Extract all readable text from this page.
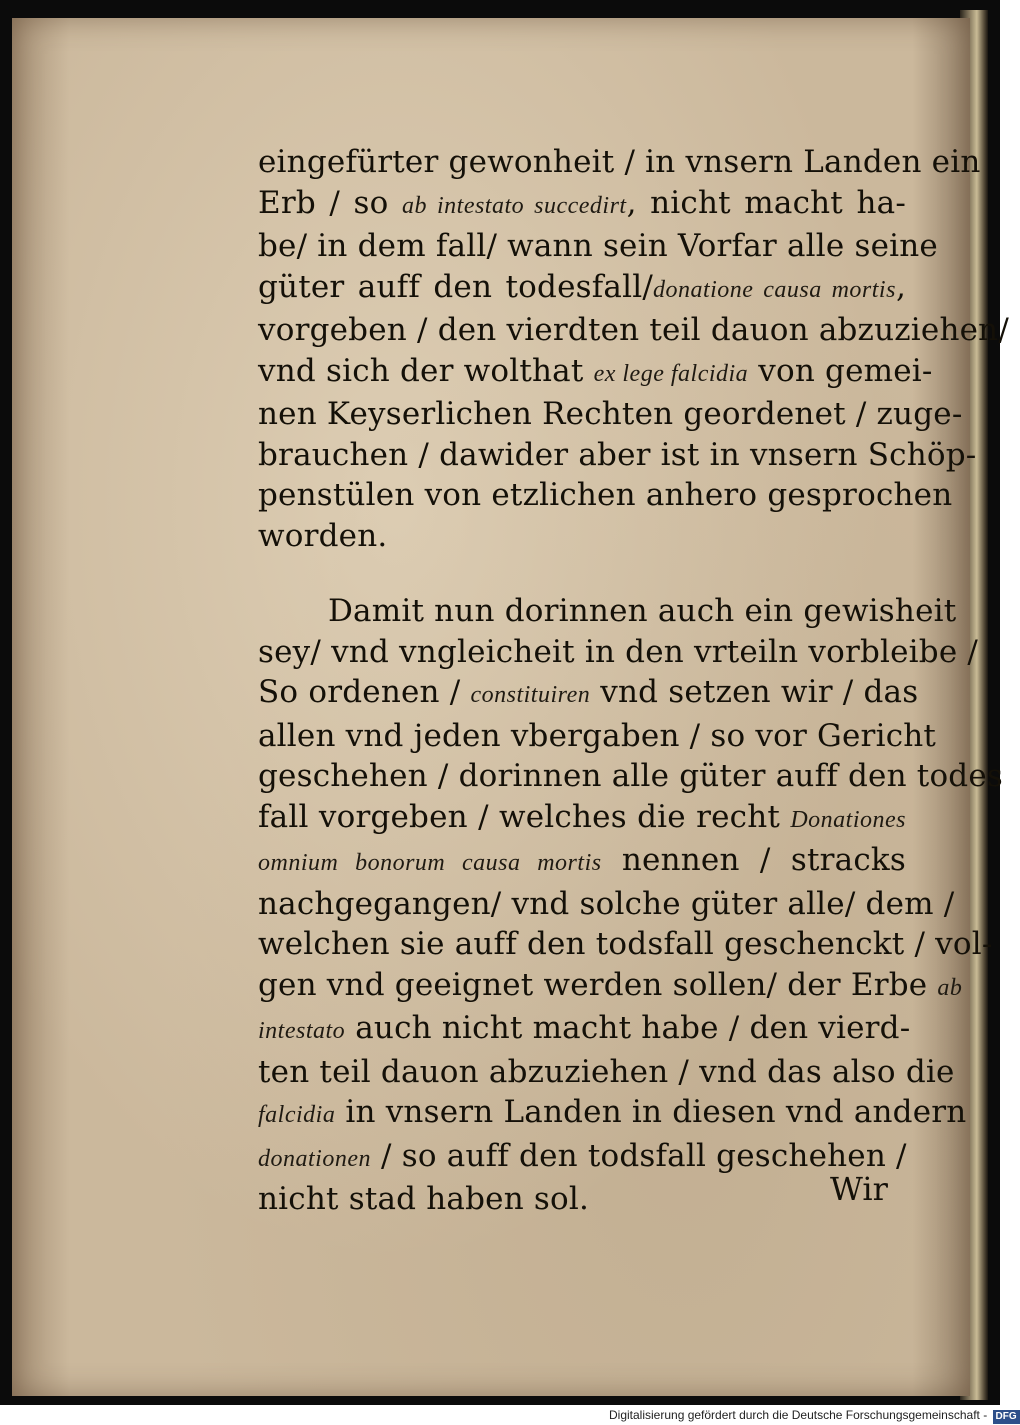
eingefürter gewonheit / in vnsern Landen ein
Erb / so ab intestato succedirt, nicht macht ha-
be/ in dem fall/ wann sein Vorfar alle seine
güter auff den todesfall/donatione causa mortis,
vorgeben / den vierdten teil dauon abzuziehen/
vnd sich der wolthat ex lege falcidia von gemei-
nen Keyserlichen Rechten geordenet / zuge-
brauchen / dawider aber ist in vnsern Schöp-
penstülen von etzlichen anhero gesprochen
worden.
Damit nun dorinnen auch ein gewisheit
sey/ vnd vngleicheit in den vrteiln vorbleibe /
So ordenen / constituiren vnd setzen wir / das
allen vnd jeden vbergaben / so vor Gericht
geschehen / dorinnen alle güter auff den todes
fall vorgeben / welches die recht Donationes
omnium bonorum causa mortis nennen / stracks
nachgegangen/ vnd solche güter alle/ dem /
welchen sie auff den todsfall geschenckt / vol-
gen vnd geeignet werden sollen/ der Erbe ab
intestato auch nicht macht habe / den vierd-
ten teil dauon abzuziehen / vnd das also die
falcidia in vnsern Landen in diesen vnd andern
donationen / so auff den todsfall geschehen /
nicht stad haben sol.	Wir
Digitalisierung gefördert durch die Deutsche Forschungsgemeinschaft - DFG
